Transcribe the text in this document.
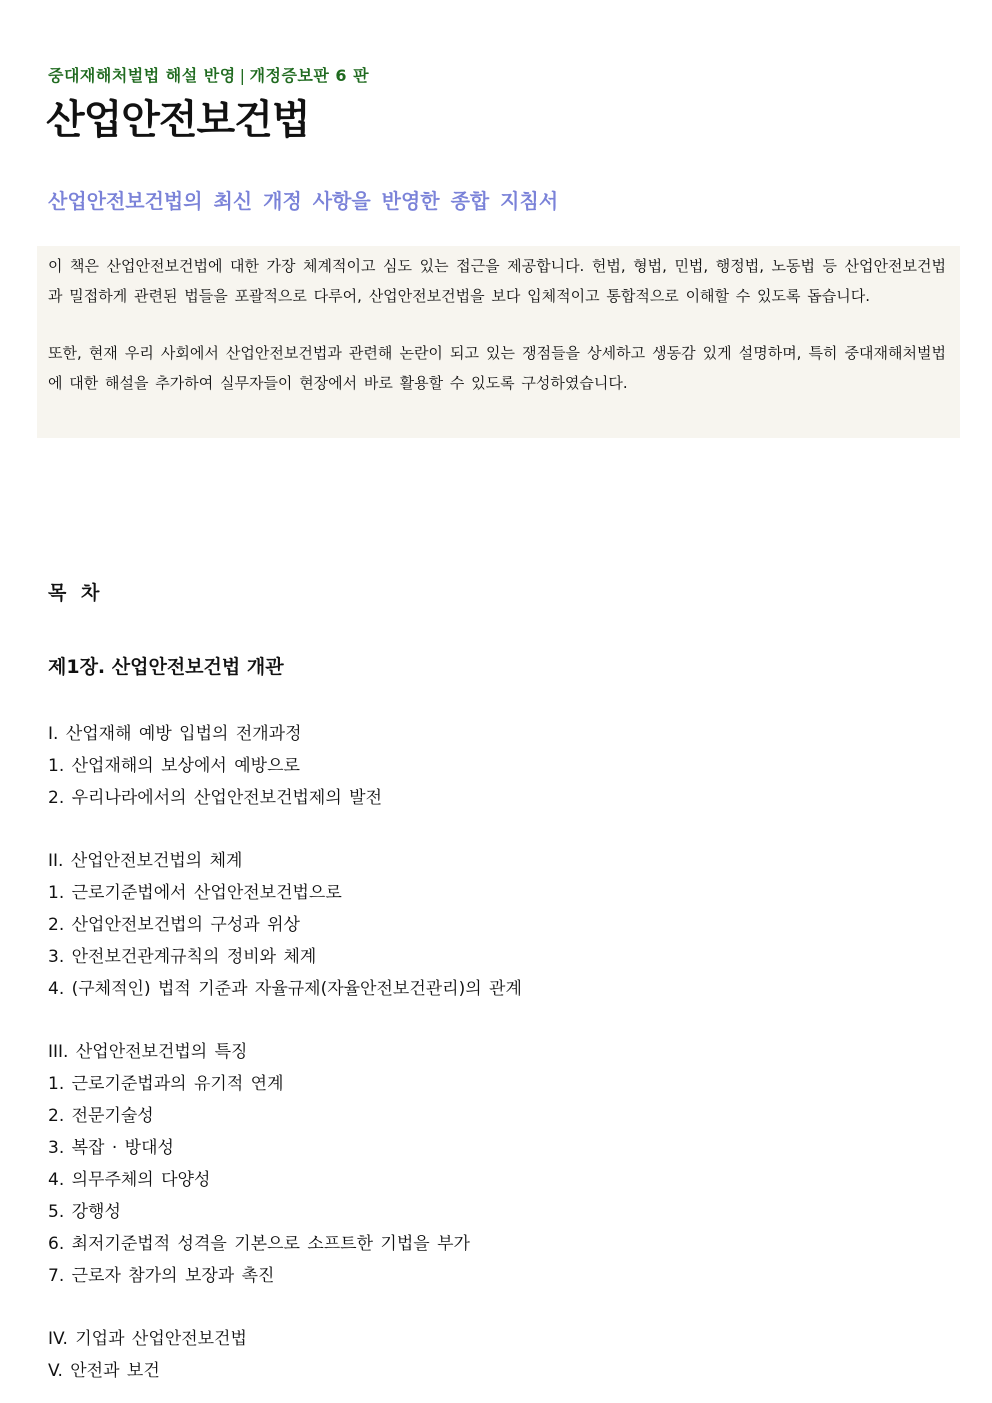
중대재해처벌법 해설 반영 | 개정증보판 6 판
산업안전보건법
산업안전보건법의 최신 개정 사항을 반영한 종합 지침서

이 책은 산업안전보건법에 대한 가장 체계적이고 심도 있는 접근을 제공합니다. 헌법, 형법, 민법, 행정법, 노동법 등 산업안전보건법과 밀접하게 관련된 법들을 포괄적으로 다루어, 산업안전보건법을 보다 입체적이고 통합적으로 이해할 수 있도록 돕습니다.

또한, 현재 우리 사회에서 산업안전보건법과 관련해 논란이 되고 있는 쟁점들을 상세하고 생동감 있게 설명하며, 특히 중대재해처벌법에 대한 해설을 추가하여 실무자들이 현장에서 바로 활용할 수 있도록 구성하였습니다.

목 차
제1장. 산업안전보건법 개관
I. 산업재해 예방 입법의 전개과정
1. 산업재해의 보상에서 예방으로
2. 우리나라에서의 산업안전보건법제의 발전
II. 산업안전보건법의 체계
1. 근로기준법에서 산업안전보건법으로
2. 산업안전보건법의 구성과 위상
3. 안전보건관계규칙의 정비와 체계
4. (구체적인) 법적 기준과 자율규제(자율안전보건관리)의 관계
III. 산업안전보건법의 특징
1. 근로기준법과의 유기적 연계
2. 전문기술성
3. 복잡 · 방대성
4. 의무주체의 다양성
5. 강행성
6. 최저기준법적 성격을 기본으로 소프트한 기법을 부가
7. 근로자 참가의 보장과 촉진
IV. 기업과 산업안전보건법
V. 안전과 보건
